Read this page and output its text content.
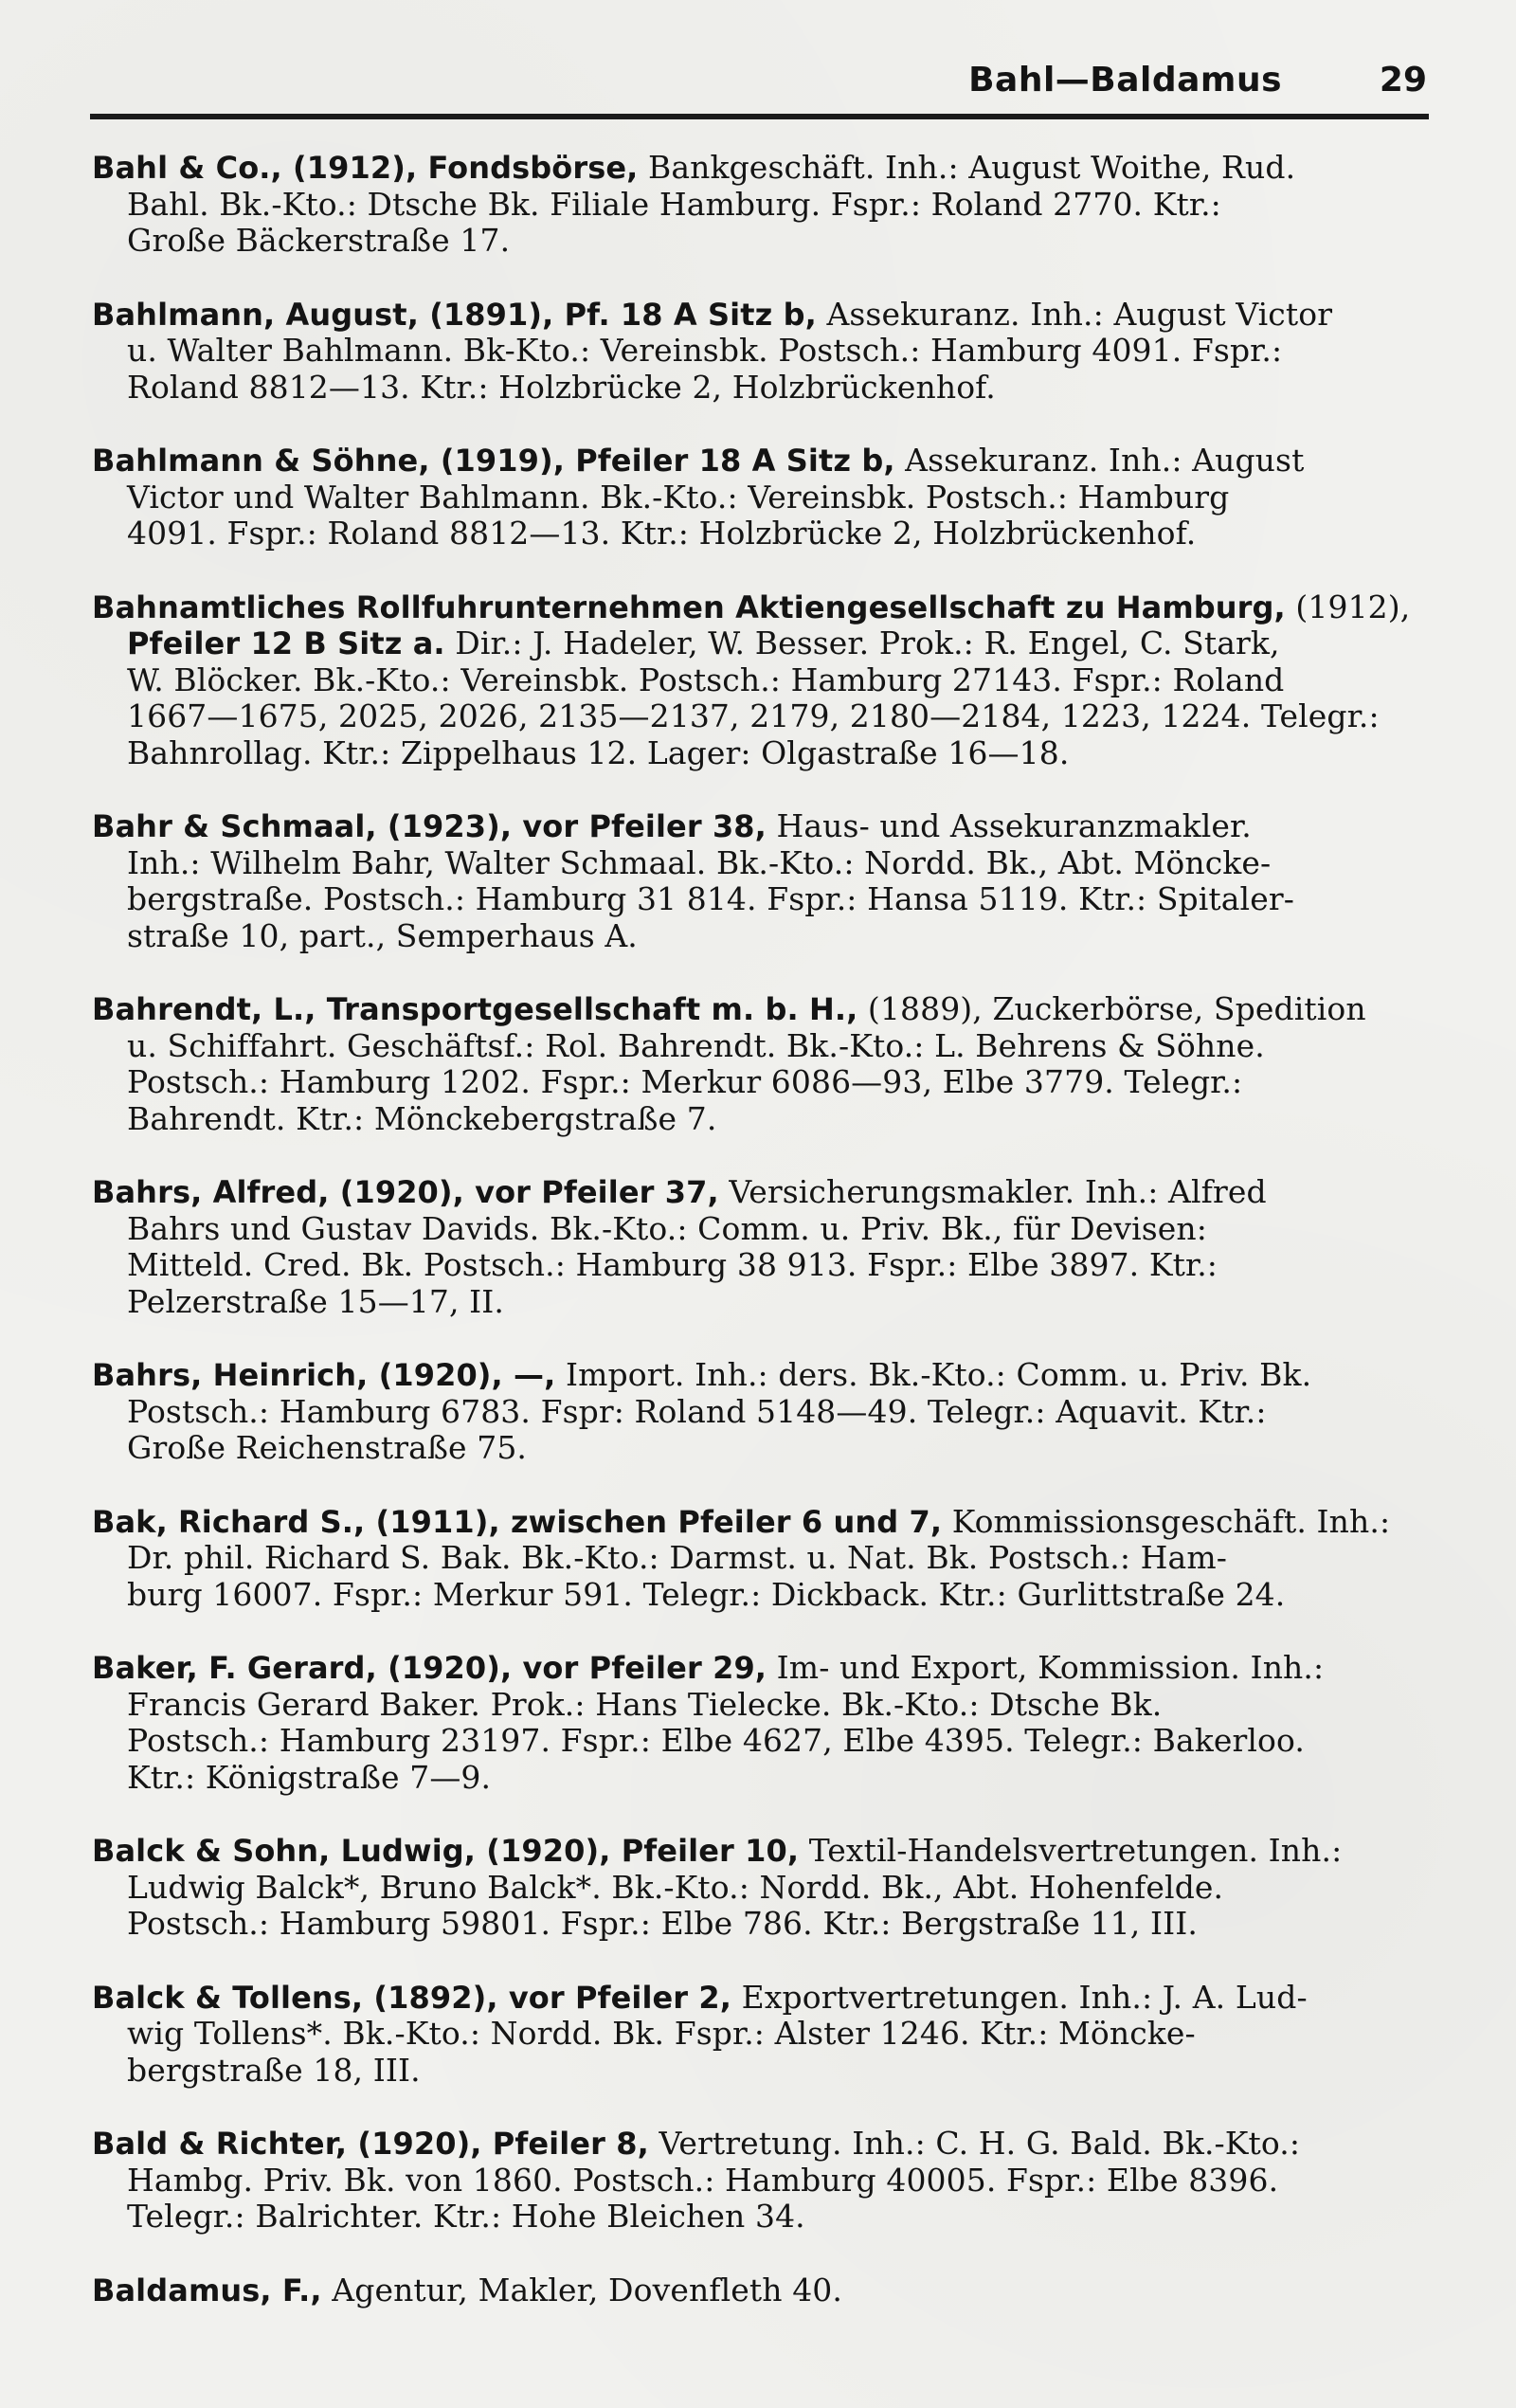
Bahl—Baldamus	29
Bahl & Co., (1912), Fondsbörse, Bankgeschäft. Inh.: August Woithe, Rud.
Bahl. Bk.-Kto.: Dtsche Bk. Filiale Hamburg. Fspr.: Roland 2770. Ktr.:
Große Bäckerstraße 17.
Bahlmann, August, (1891), Pf. 18 A Sitz b, Assekuranz. Inh.: August Victor
u. Walter Bahlmann. Bk-Kto.: Vereinsbk. Postsch.: Hamburg 4091. Fspr.:
Roland 8812—13. Ktr.: Holzbrücke 2, Holzbrückenhof.
Bahlmann & Söhne, (1919), Pfeiler 18 A Sitz b, Assekuranz. Inh.: August
Victor und Walter Bahlmann. Bk.-Kto.: Vereinsbk. Postsch.: Hamburg
4091. Fspr.: Roland 8812—13. Ktr.: Holzbrücke 2, Holzbrückenhof.
Bahnamtliches Rollfuhrunternehmen Aktiengesellschaft zu Hamburg, (1912),
Pfeiler 12 B Sitz a. Dir.: J. Hadeler, W. Besser. Prok.: R. Engel, C. Stark,
W. Blöcker. Bk.-Kto.: Vereinsbk. Postsch.: Hamburg 27143. Fspr.: Roland
1667—1675, 2025, 2026, 2135—2137, 2179, 2180—2184, 1223, 1224. Telegr.:
Bahnrollag. Ktr.: Zippelhaus 12. Lager: Olgastraße 16—18.
Bahr & Schmaal, (1923), vor Pfeiler 38, Haus- und Assekuranzmakler.
Inh.: Wilhelm Bahr, Walter Schmaal. Bk.-Kto.: Nordd. Bk., Abt. Möncke-
bergstraße. Postsch.: Hamburg 31 814. Fspr.: Hansa 5119. Ktr.: Spitaler-
straße 10, part., Semperhaus A.
Bahrendt, L., Transportgesellschaft m. b. H., (1889), Zuckerbörse, Spedition
u. Schiffahrt. Geschäftsf.: Rol. Bahrendt. Bk.-Kto.: L. Behrens & Söhne.
Postsch.: Hamburg 1202. Fspr.: Merkur 6086—93, Elbe 3779. Telegr.:
Bahrendt. Ktr.: Mönckebergstraße 7.
Bahrs, Alfred, (1920), vor Pfeiler 37, Versicherungsmakler. Inh.: Alfred
Bahrs und Gustav Davids. Bk.-Kto.: Comm. u. Priv. Bk., für Devisen:
Mitteld. Cred. Bk. Postsch.: Hamburg 38 913. Fspr.: Elbe 3897. Ktr.:
Pelzerstraße 15—17, II.
Bahrs, Heinrich, (1920), —, Import. Inh.: ders. Bk.-Kto.: Comm. u. Priv. Bk.
Postsch.: Hamburg 6783. Fspr: Roland 5148—49. Telegr.: Aquavit. Ktr.:
Große Reichenstraße 75.
Bak, Richard S., (1911), zwischen Pfeiler 6 und 7, Kommissionsgeschäft. Inh.:
Dr. phil. Richard S. Bak. Bk.-Kto.: Darmst. u. Nat. Bk. Postsch.: Ham-
burg 16007. Fspr.: Merkur 591. Telegr.: Dickback. Ktr.: Gurlittstraße 24.
Baker, F. Gerard, (1920), vor Pfeiler 29, Im- und Export, Kommission. Inh.:
Francis Gerard Baker. Prok.: Hans Tielecke. Bk.-Kto.: Dtsche Bk.
Postsch.: Hamburg 23197. Fspr.: Elbe 4627, Elbe 4395. Telegr.: Bakerloo.
Ktr.: Königstraße 7—9.
Balck & Sohn, Ludwig, (1920), Pfeiler 10, Textil-Handelsvertretungen. Inh.:
Ludwig Balck*, Bruno Balck*. Bk.-Kto.: Nordd. Bk., Abt. Hohenfelde.
Postsch.: Hamburg 59801. Fspr.: Elbe 786. Ktr.: Bergstraße 11, III.
Balck & Tollens, (1892), vor Pfeiler 2, Exportvertretungen. Inh.: J. A. Lud-
wig Tollens*. Bk.-Kto.: Nordd. Bk. Fspr.: Alster 1246. Ktr.: Möncke-
bergstraße 18, III.
Bald & Richter, (1920), Pfeiler 8, Vertretung. Inh.: C. H. G. Bald. Bk.-Kto.:
Hambg. Priv. Bk. von 1860. Postsch.: Hamburg 40005. Fspr.: Elbe 8396.
Telegr.: Balrichter. Ktr.: Hohe Bleichen 34.
Baldamus, F., Agentur, Makler, Dovenfleth 40.
